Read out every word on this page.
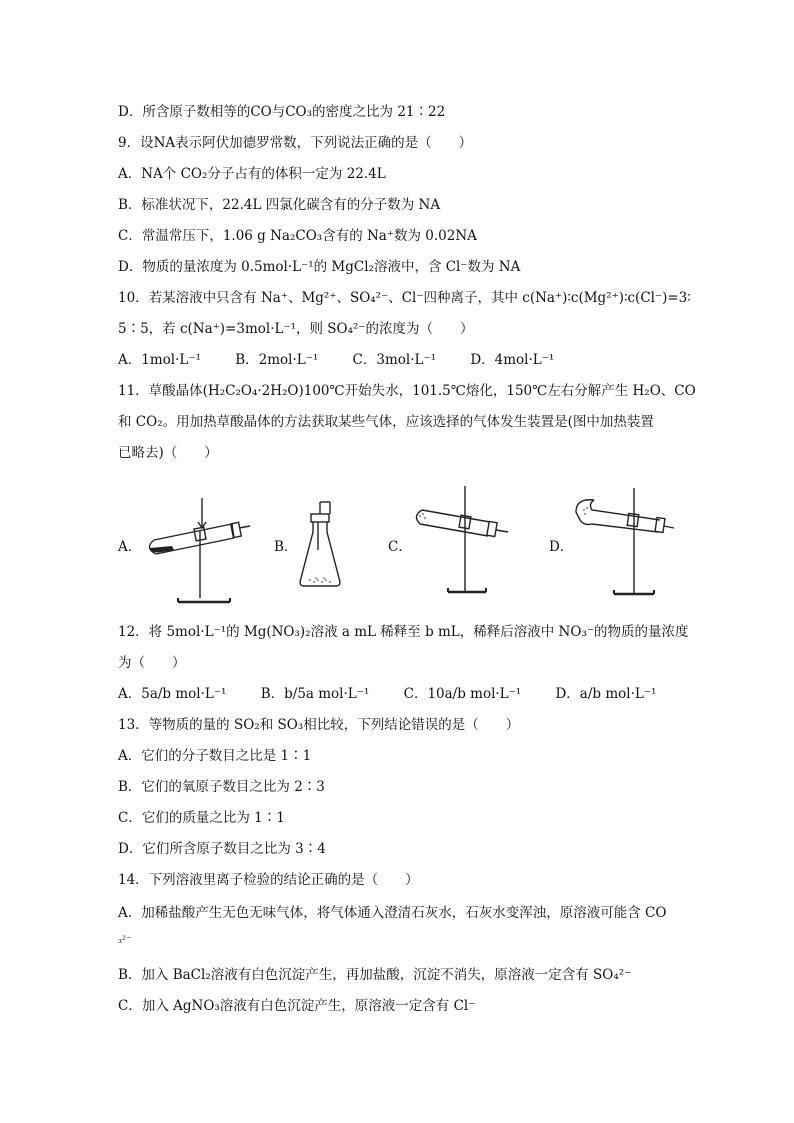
D．所含原子数相等的CO与CO₃的密度之比为 21∶22
9．设NA表示阿伏加德罗常数，下列说法正确的是（　　）
A．NA个 CO₂分子占有的体积一定为 22.4L
B．标准状况下，22.4L 四氯化碳含有的分子数为 NA
C．常温常压下，1.06 g Na₂CO₃含有的 Na⁺数为 0.02NA
D．物质的量浓度为 0.5mol·L⁻¹的 MgCl₂溶液中，含 Cl⁻数为 NA
10．若某溶液中只含有 Na⁺、Mg²⁺、SO₄²⁻、Cl⁻四种离子，其中 c(Na⁺)∶c(Mg²⁺)∶c(Cl⁻)=3∶
5∶5，若 c(Na⁺)=3mol·L⁻¹，则 SO₄²⁻的浓度为（　　）
A．1mol·L⁻¹	B．2mol·L⁻¹	C．3mol·L⁻¹	D．4mol·L⁻¹
11．草酸晶体(H₂C₂O₄·2H₂O)100℃开始失水，101.5℃熔化，150℃左右分解产生 H₂O、CO
和 CO₂。用加热草酸晶体的方法获取某些气体，应该选择的气体发生装置是(图中加热装置
已略去)（　　）
A．	B．	C．	D．
12．将 5mol·L⁻¹的 Mg(NO₃)₂溶液 a mL 稀释至 b mL，稀释后溶液中 NO₃⁻的物质的量浓度
为（　　）
A．5a/b mol·L⁻¹	B．b/5a mol·L⁻¹	C．10a/b mol·L⁻¹	D．a/b mol·L⁻¹
13．等物质的量的 SO₂和 SO₃相比较，下列结论错误的是（　　）
A．它们的分子数目之比是 1∶1
B．它们的氧原子数目之比为 2∶3
C．它们的质量之比为 1∶1
D．它们所含原子数目之比为 3∶4
14．下列溶液里离子检验的结论正确的是（　　）
A．加稀盐酸产生无色无味气体，将气体通入澄清石灰水，石灰水变浑浊，原溶液可能含 CO
₃²⁻
B．加入 BaCl₂溶液有白色沉淀产生，再加盐酸，沉淀不消失，原溶液一定含有 SO₄²⁻
C．加入 AgNO₃溶液有白色沉淀产生，原溶液一定含有 Cl⁻
